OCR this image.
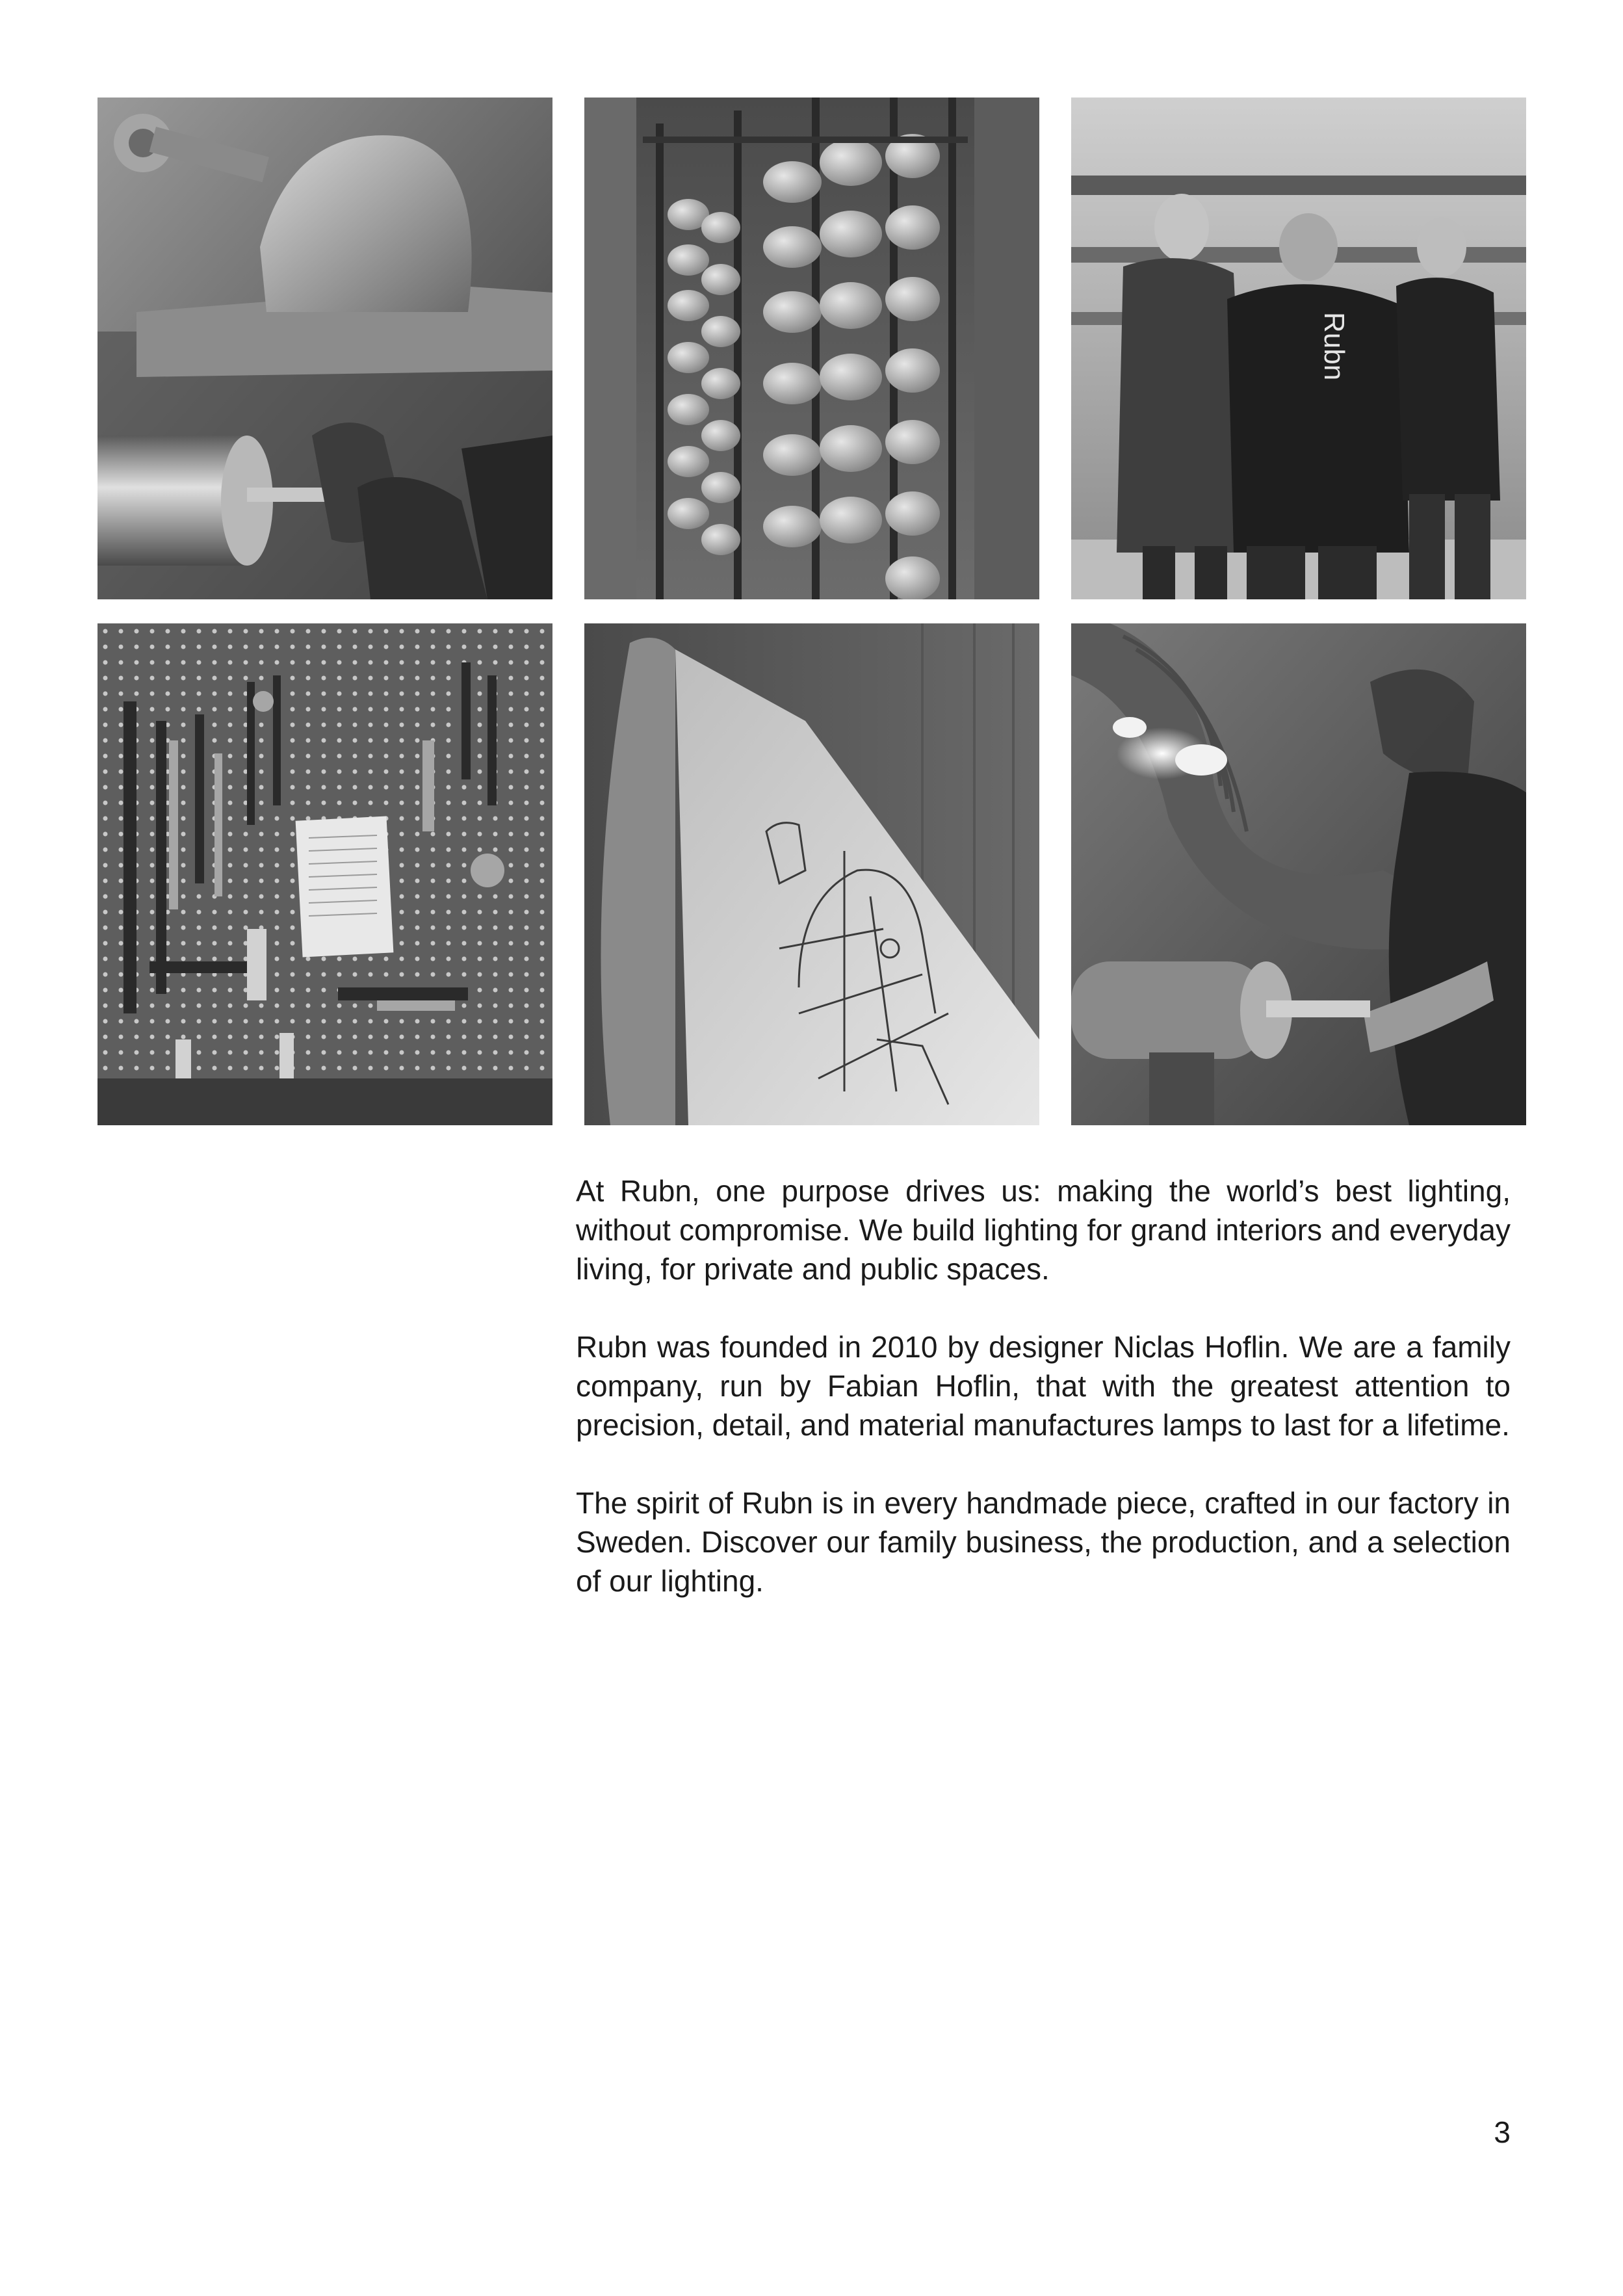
Rubn

At Rubn, one purpose drives us: making the world’s best lighting, without compromise. We build lighting for grand interiors and everyday living, for private and public spaces.

Rubn was founded in 2010 by designer Niclas Hoflin. We are a family company, run by Fabian Hoflin, that with the greatest attention to precision, detail, and material manufactures lamps to last for a lifetime.

The spirit of Rubn is in every handmade piece, crafted in our factory in Sweden. Discover our family business, the production, and a selection of our lighting.

3
